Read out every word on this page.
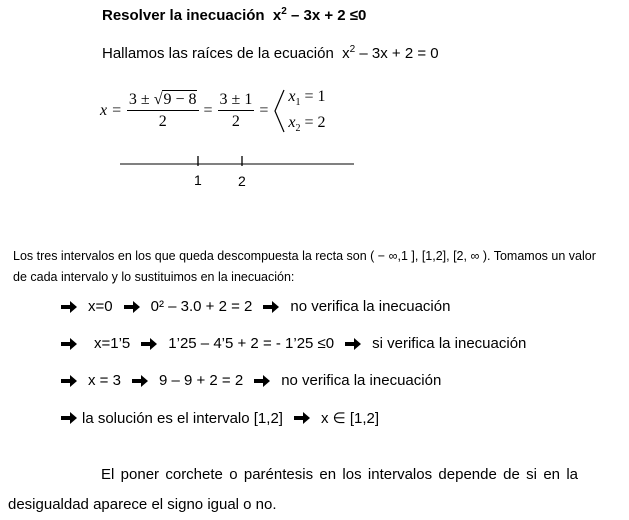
Resolver la inecuación $x^2 - 3x + 2 \le 0$
Hallamos las raíces de la ecuación $x^2 - 3x + 2 = 0$
$x = \frac{3 \pm √9 - 8}{2} = \frac{3 \pm 1}{2}$ =
$x_1 = 1$
$x_2 = 2$
1	2
Los tres intervalos en los que queda descompuesta la recta son ( − ∞,1 ], [1,2], [2, ∞ ). Tomamos un valor
de cada intervalo y lo sustituimos en la inecuación:
x=0	0² – 3.0 + 2 = 2	no verifica la inecuación
x=1’5	1’25 – 4’5 + 2 = - 1’25 ≤0	si verifica la inecuación
x = 3	9 – 9 + 2 = 2	no verifica la inecuación
la solución es el intervalo [1,2]	x ∈ [1,2]
El poner corchete o paréntesis en los intervalos depende de si en la desigualdad aparece el signo igual o no.
